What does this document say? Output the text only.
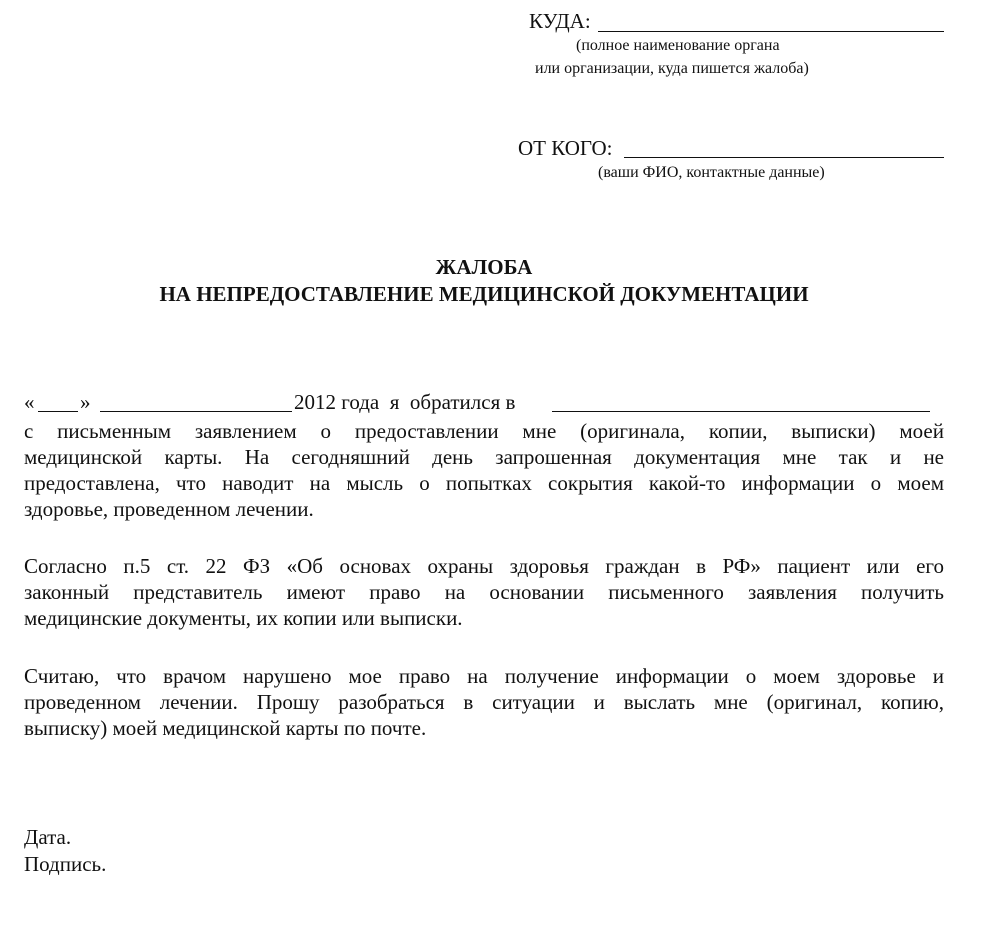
КУДА:
(полное наименование органа
или организации, куда пишется жалоба)
ОТ КОГО:
(ваши ФИО, контактные данные)
ЖАЛОБА
НА НЕПРЕДОСТАВЛЕНИЕ МЕДИЦИНСКОЙ ДОКУМЕНТАЦИИ
« »	2012 года  я  обратился в
с письменным заявлением о предоставлении мне (оригинала, копии, выписки) моей
медицинской карты. На сегодняшний день запрошенная документация мне так и не
предоставлена, что наводит на мысль о попытках сокрытия какой-то информации о моем
здоровье, проведенном лечении.
Согласно п.5 ст. 22 ФЗ «Об основах охраны здоровья граждан в РФ» пациент или его
законный представитель имеют право на основании письменного заявления получить
медицинские документы, их копии или выписки.
Считаю, что врачом нарушено мое право на получение информации о моем здоровье и
проведенном лечении. Прошу разобраться в ситуации и выслать мне (оригинал, копию,
выписку) моей медицинской карты по почте.
Дата.
Подпись.
